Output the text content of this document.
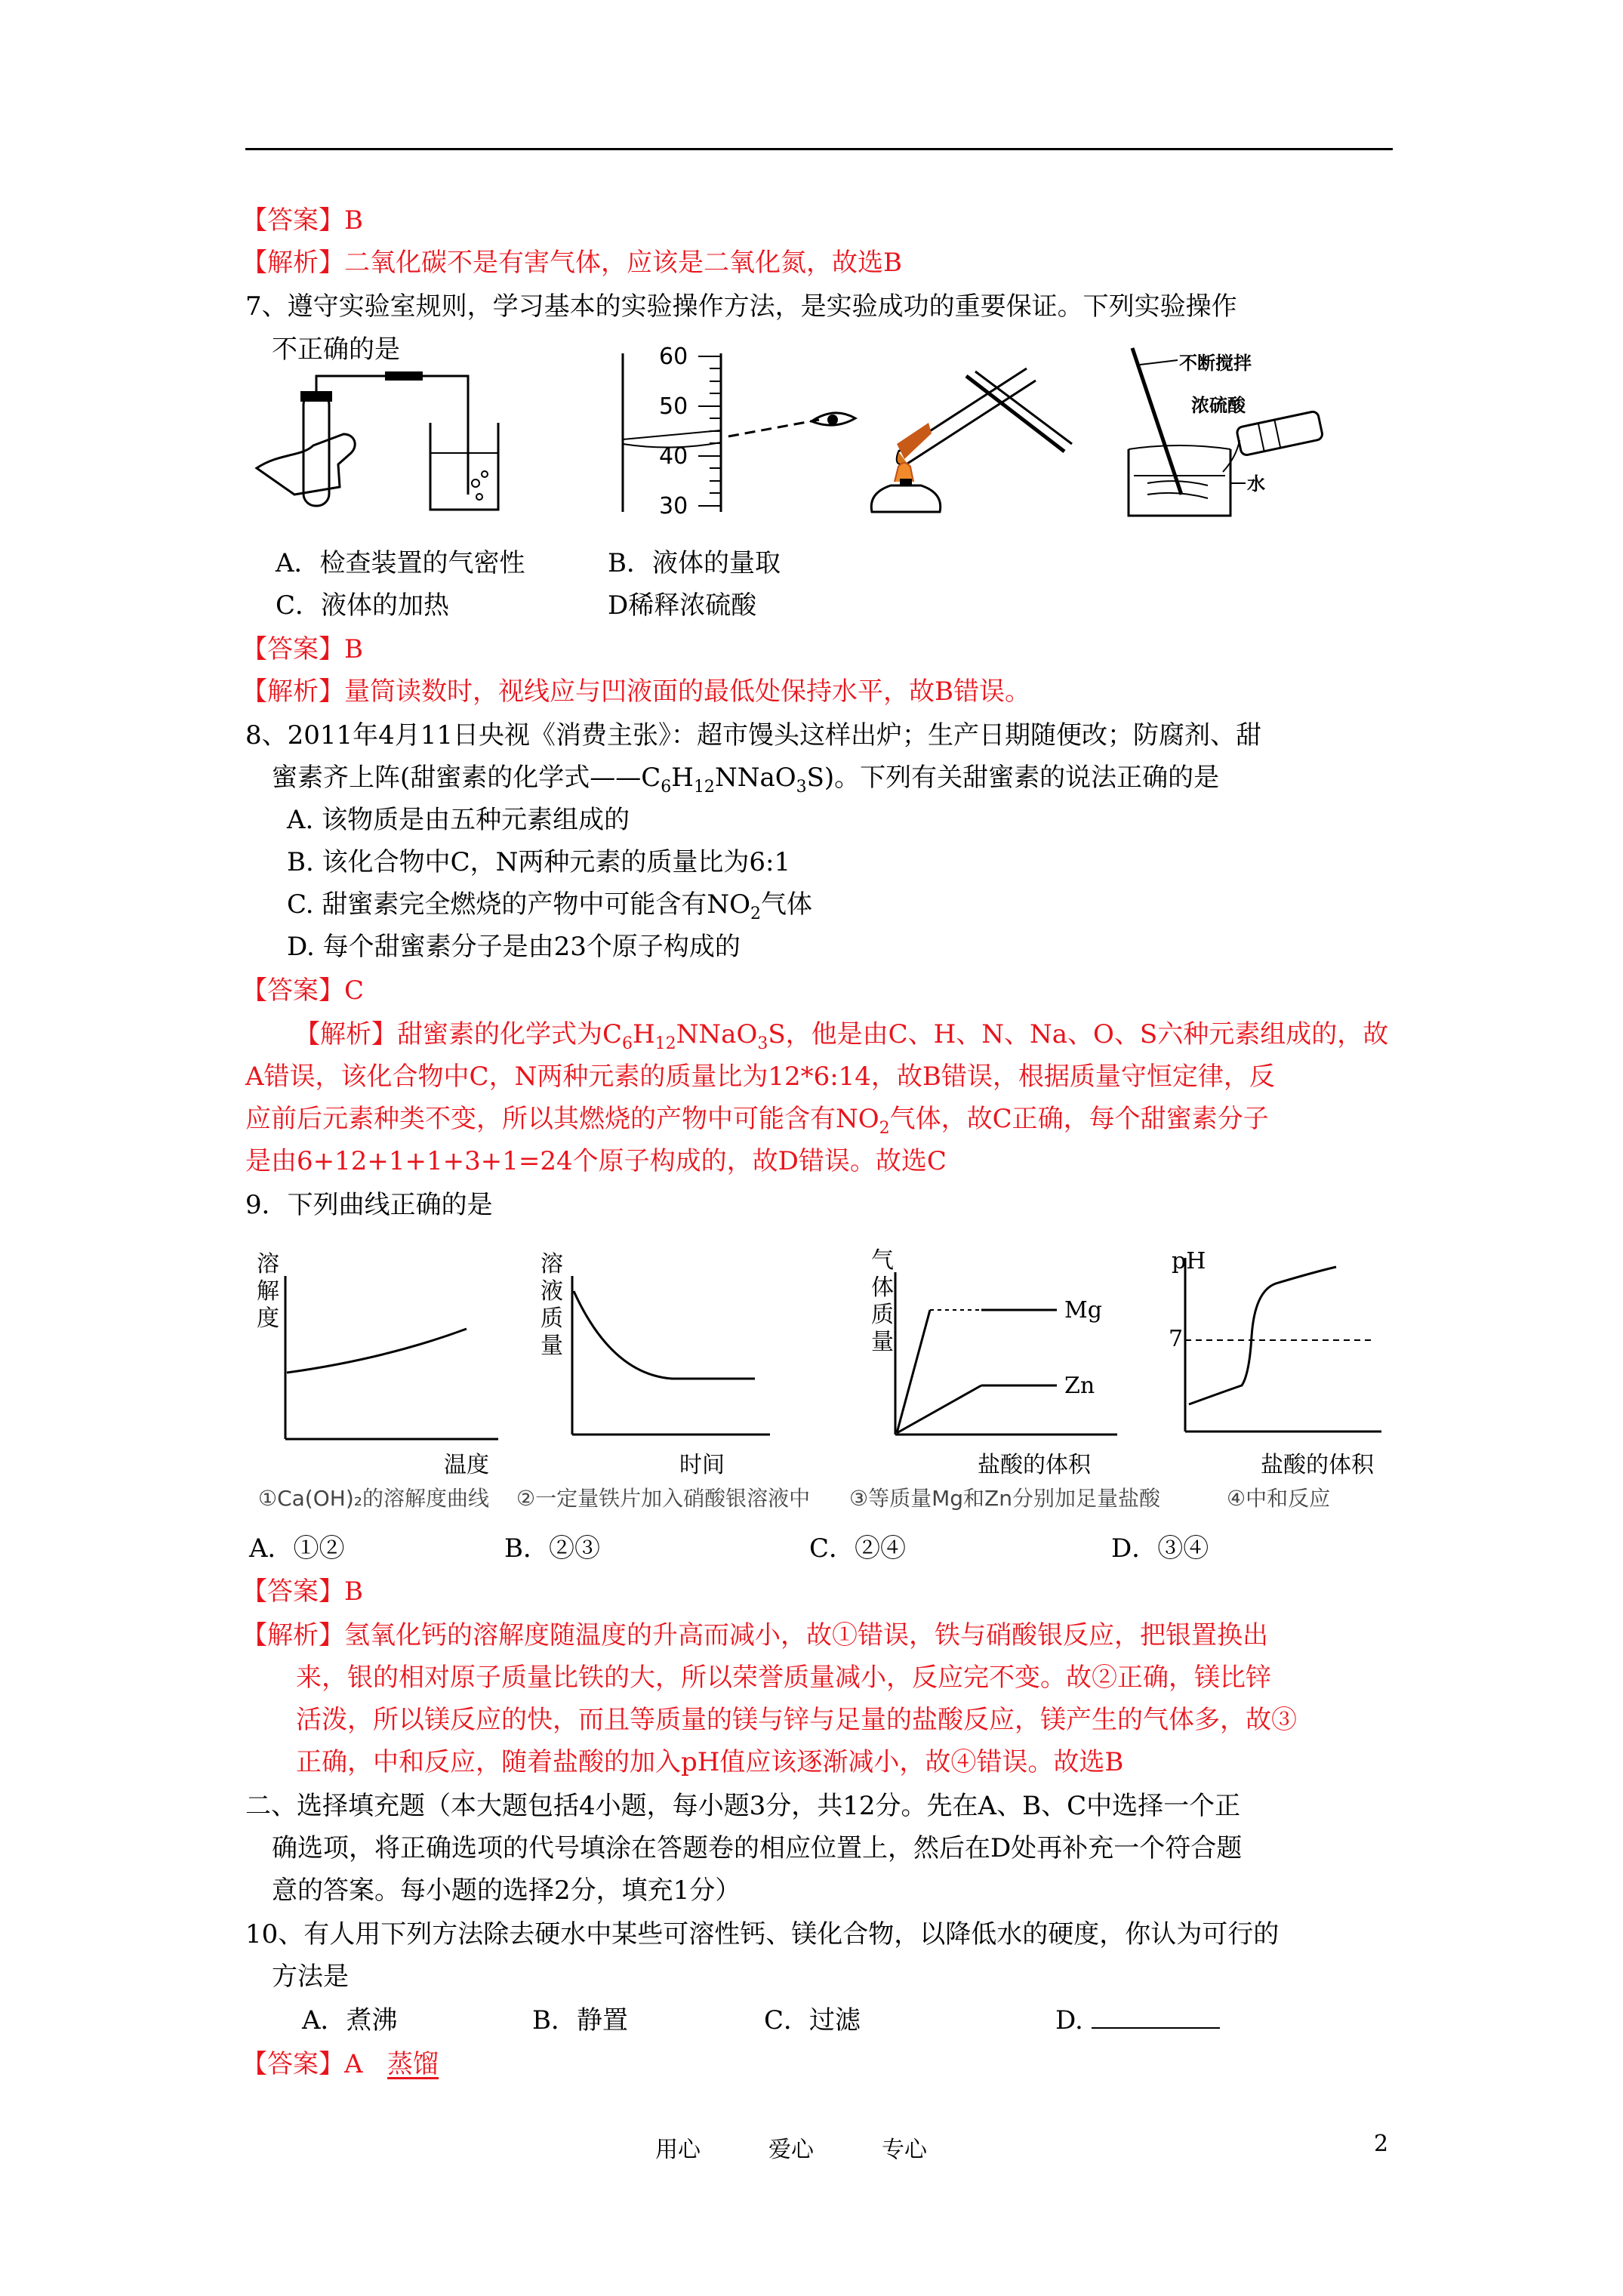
【答案】B
【解析】二氧化碳不是有害气体，应该是二氧化氮，故选B
7、遵守实验室规则，学习基本的实验操作方法，是实验成功的重要保证。下列实验操作
不正确的是	60
50
40
30
不断搅拌
浓硫酸
水
A．检查装置的气密性	B．液体的量取
C．液体的加热	D稀释浓硫酸
【答案】B
【解析】量筒读数时，视线应与凹液面的最低处保持水平，故B错误。
8、2011年4月11日央视《消费主张》：超市馒头这样出炉；生产日期随便改；防腐剂、甜
蜜素齐上阵(甜蜜素的化学式$——C_6H_{12}NNaO_3S$)。下列有关甜蜜素的说法正确的是
A. 该物质是由五种元素组成的
B. 该化合物中C，N两种元素的质量比为6:1
C. 甜蜜素完全燃烧的产物中可能含有$NO_2$气体
D. 每个甜蜜素分子是由23个原子构成的
【答案】C
【解析】甜蜜素的化学式为$C_6H_{12}NNaO_3S$，他是由C、H、N、Na、O、S六种元素组成的，故
A错误，该化合物中C，N两种元素的质量比为12*6:14，故B错误，根据质量守恒定律，反
应前后元素种类不变，所以其燃烧的产物中可能含有$NO_2$气体，故C正确，每个甜蜜素分子
是由6+12+1+1+3+1=24个原子构成的，故D错误。故选C
9．下列曲线正确的是
溶
解
度
温度
溶
液
质
量
时间
气
体
质
量
Mg
Zn
盐酸的体积
pH
7
盐酸的体积
①Ca(OH)₂的溶解度曲线 ②一定量铁片加入硝酸银溶液中 ③等质量Mg和Zn分别加足量盐酸	④中和反应
A．①②	B．②③	C．②④	D．③④
【答案】B
【解析】氢氧化钙的溶解度随温度的升高而减小，故①错误，铁与硝酸银反应，把银置换出
来，银的相对原子质量比铁的大，所以荣誉质量减小，反应完不变。故②正确，镁比锌
活泼，所以镁反应的快，而且等质量的镁与锌与足量的盐酸反应，镁产生的气体多，故③
正确，中和反应，随着盐酸的加入pH值应该逐渐减小，故④错误。故选B
二、选择填充题（本大题包括4小题，每小题3分，共12分。先在A、B、C中选择一个正
确选项，将正确选项的代号填涂在答题卷的相应位置上，然后在D处再补充一个符合题
意的答案。每小题的选择2分，填充1分）
10、有人用下列方法除去硬水中某些可溶性钙、镁化合物，以降低水的硬度，你认为可行的
方法是
A．煮沸	B．静置	C．过滤	D.
【答案】A 蒸馏
用心	爱心	专心	2
